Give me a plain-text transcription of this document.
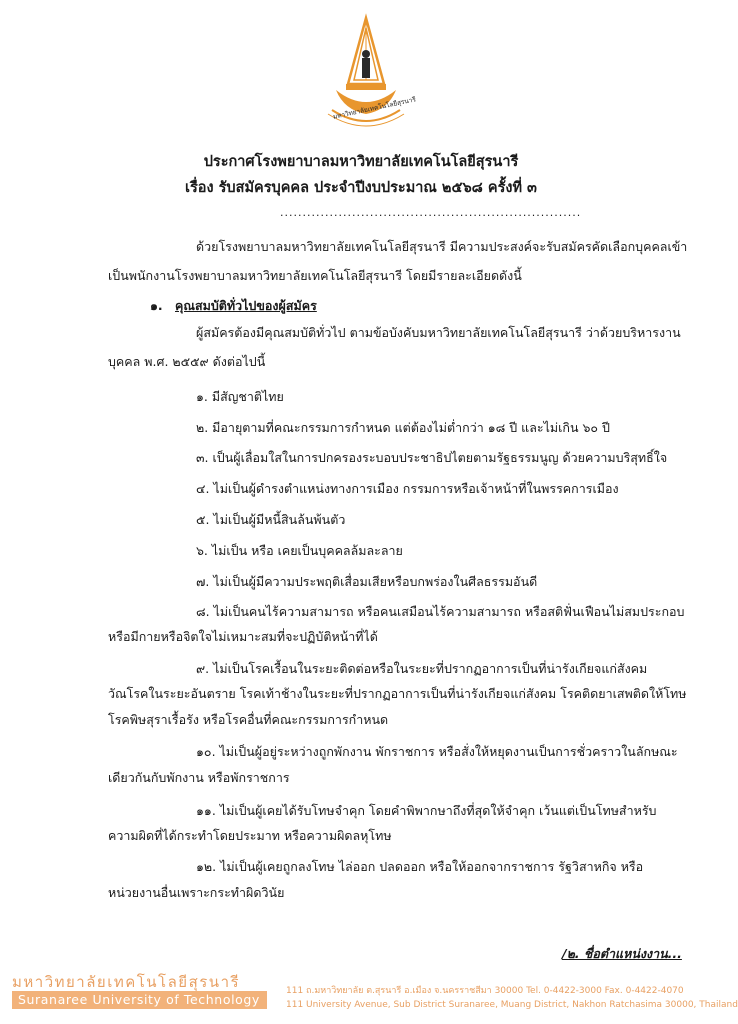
มหาวิทยาลัยเทคโนโลยีสุรนารี
ประกาศโรงพยาบาลมหาวิทยาลัยเทคโนโลยีสุรนารี
เรื่อง รับสมัครบุคคล ประจำปีงบประมาณ ๒๕๖๘ ครั้งที่ ๓
...................................................................
ด้วยโรงพยาบาลมหาวิทยาลัยเทคโนโลยีสุรนารี มีความประสงค์จะรับสมัครคัดเลือกบุคคลเข้า
เป็นพนักงานโรงพยาบาลมหาวิทยาลัยเทคโนโลยีสุรนารี โดยมีรายละเอียดดังนี้
๑. คุณสมบัติทั่วไปของผู้สมัคร
ผู้สมัครต้องมีคุณสมบัติทั่วไป ตามข้อบังคับมหาวิทยาลัยเทคโนโลยีสุรนารี ว่าด้วยบริหารงาน
บุคคล พ.ศ. ๒๕๕๙ ดังต่อไปนี้
๑. มีสัญชาติไทย
๒. มีอายุตามที่คณะกรรมการกำหนด แต่ต้องไม่ต่ำกว่า ๑๘ ปี และไม่เกิน ๖๐ ปี
๓. เป็นผู้เลื่อมใสในการปกครองระบอบประชาธิปไตยตามรัฐธรรมนูญ ด้วยความบริสุทธิ์ใจ
๔. ไม่เป็นผู้ดำรงตำแหน่งทางการเมือง กรรมการหรือเจ้าหน้าที่ในพรรคการเมือง
๕. ไม่เป็นผู้มีหนี้สินล้นพ้นตัว
๖. ไม่เป็น หรือ เคยเป็นบุคคลล้มละลาย
๗. ไม่เป็นผู้มีความประพฤติเสื่อมเสียหรือบกพร่องในศีลธรรมอันดี
๘. ไม่เป็นคนไร้ความสามารถ หรือคนเสมือนไร้ความสามารถ หรือสติฟั่นเฟือนไม่สมประกอบ
หรือมีกายหรือจิตใจไม่เหมาะสมที่จะปฏิบัติหน้าที่ได้
๙. ไม่เป็นโรคเรื้อนในระยะติดต่อหรือในระยะที่ปรากฏอาการเป็นที่น่ารังเกียจแก่สังคม
วัณโรคในระยะอันตราย โรคเท้าช้างในระยะที่ปรากฏอาการเป็นที่น่ารังเกียจแก่สังคม โรคติดยาเสพติดให้โทษ
โรคพิษสุราเรื้อรัง หรือโรคอื่นที่คณะกรรมการกำหนด
๑๐. ไม่เป็นผู้อยู่ระหว่างถูกพักงาน พักราชการ หรือสั่งให้หยุดงานเป็นการชั่วคราวในลักษณะ
เดียวกันกับพักงาน หรือพักราชการ
๑๑. ไม่เป็นผู้เคยได้รับโทษจำคุก โดยคำพิพากษาถึงที่สุดให้จำคุก เว้นแต่เป็นโทษสำหรับ
ความผิดที่ได้กระทำโดยประมาท หรือความผิดลหุโทษ
๑๒. ไม่เป็นผู้เคยถูกลงโทษ ไล่ออก ปลดออก หรือให้ออกจากราชการ รัฐวิสาหกิจ หรือ
หน่วยงานอื่นเพราะกระทำผิดวินัย
/๒. ชื่อตำแหน่งงาน...
มหาวิทยาลัยเทคโนโลยีสุรนารี
Suranaree University of Technology
111 ถ.มหาวิทยาลัย ต.สุรนารี อ.เมือง จ.นครราชสีมา 30000 Tel. 0-4422-3000 Fax. 0-4422-4070
111 University Avenue, Sub District Suranaree, Muang District, Nakhon Ratchasima 30000, Thailand
